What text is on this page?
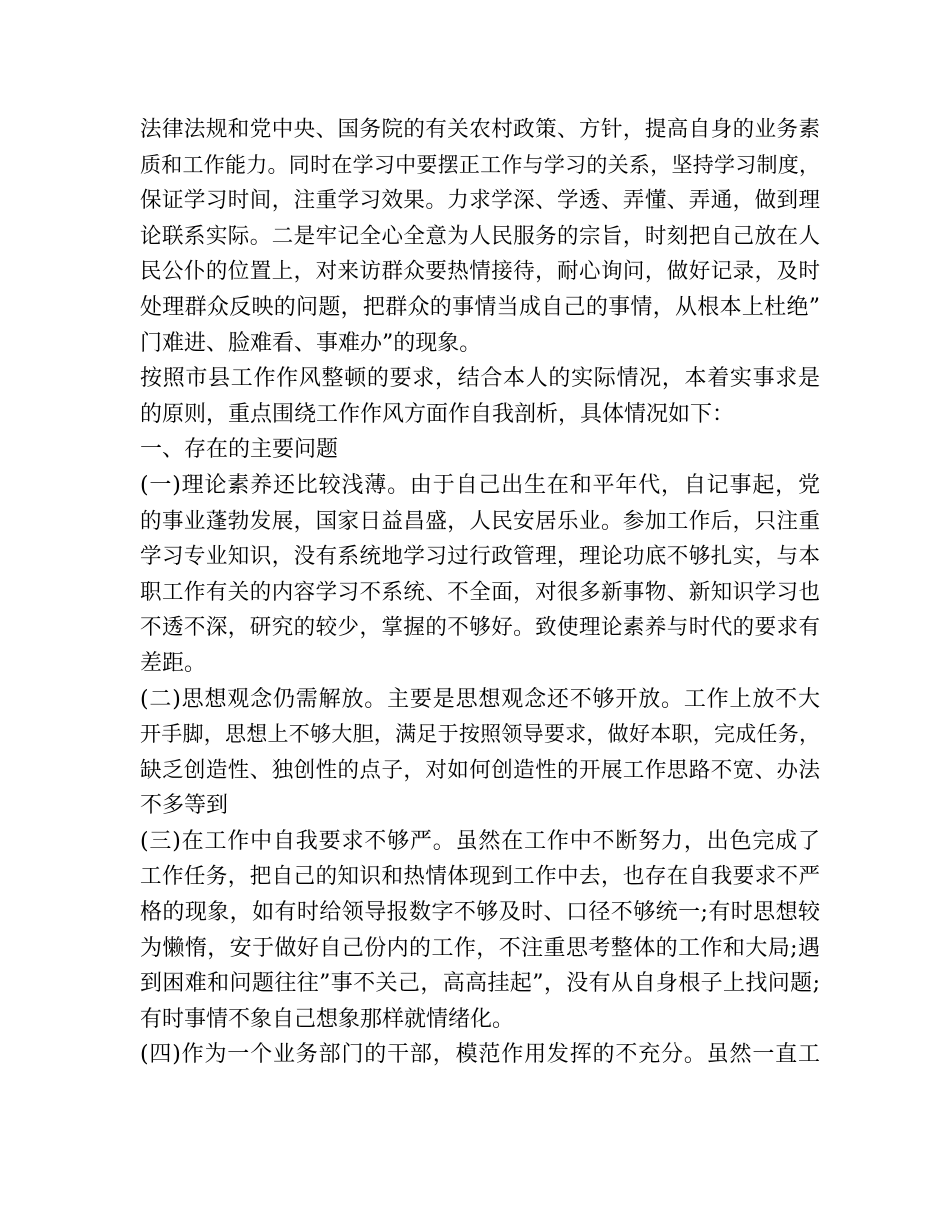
法律法规和党中央、国务院的有关农村政策、方针，提高自身的业务素
质和工作能力。同时在学习中要摆正工作与学习的关系，坚持学习制度，
保证学习时间，注重学习效果。力求学深、学透、弄懂、弄通，做到理
论联系实际。二是牢记全心全意为人民服务的宗旨，时刻把自己放在人
民公仆的位置上，对来访群众要热情接待，耐心询问，做好记录，及时
处理群众反映的问题，把群众的事情当成自己的事情，从根本上杜绝”
门难进、脸难看、事难办”的现象。
按照市县工作作风整顿的要求，结合本人的实际情况，本着实事求是
的原则，重点围绕工作作风方面作自我剖析，具体情况如下：
一、存在的主要问题
(一)理论素养还比较浅薄。由于自己出生在和平年代，自记事起，党
的事业蓬勃发展，国家日益昌盛，人民安居乐业。参加工作后，只注重
学习专业知识，没有系统地学习过行政管理，理论功底不够扎实，与本
职工作有关的内容学习不系统、不全面，对很多新事物、新知识学习也
不透不深，研究的较少，掌握的不够好。致使理论素养与时代的要求有
差距。
(二)思想观念仍需解放。主要是思想观念还不够开放。工作上放不大
开手脚，思想上不够大胆，满足于按照领导要求，做好本职，完成任务，
缺乏创造性、独创性的点子，对如何创造性的开展工作思路不宽、办法
不多等到
(三)在工作中自我要求不够严。虽然在工作中不断努力，出色完成了
工作任务，把自己的知识和热情体现到工作中去，也存在自我要求不严
格的现象，如有时给领导报数字不够及时、口径不够统一;有时思想较
为懒惰，安于做好自己份内的工作，不注重思考整体的工作和大局;遇
到困难和问题往往”事不关己，高高挂起”，没有从自身根子上找问题;
有时事情不象自己想象那样就情绪化。
(四)作为一个业务部门的干部，模范作用发挥的不充分。虽然一直工
